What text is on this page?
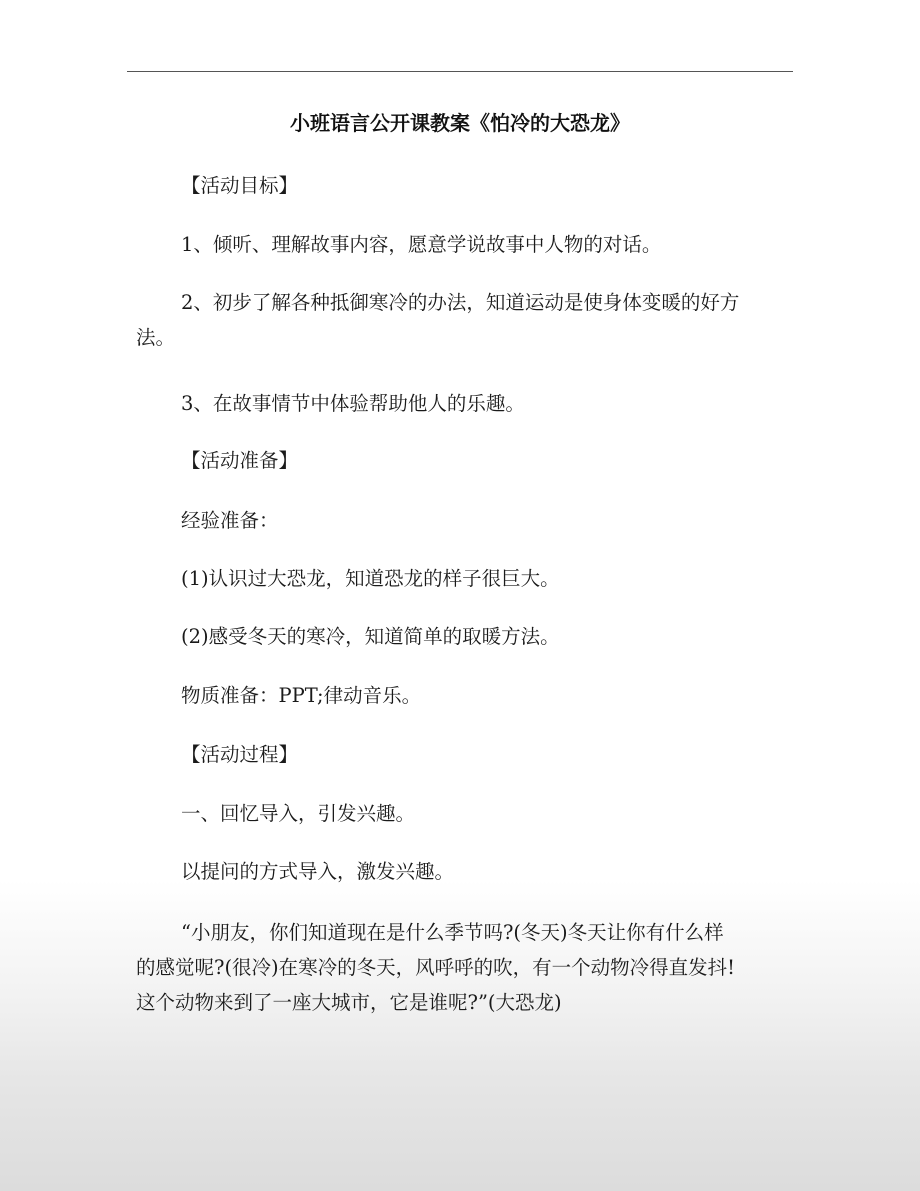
小班语言公开课教案《怕冷的大恐龙》
【活动目标】
1、倾听、理解故事内容，愿意学说故事中人物的对话。
2、初步了解各种抵御寒冷的办法，知道运动是使身体变暖的好方
法。
3、在故事情节中体验帮助他人的乐趣。
【活动准备】
经验准备：
(1)认识过大恐龙，知道恐龙的样子很巨大。
(2)感受冬天的寒冷，知道简单的取暖方法。
物质准备：PPT;律动音乐。
【活动过程】
一、回忆导入，引发兴趣。
以提问的方式导入，激发兴趣。
“小朋友，你们知道现在是什么季节吗?(冬天)冬天让你有什么样
的感觉呢?(很冷)在寒冷的冬天，风呼呼的吹，有一个动物冷得直发抖!
这个动物来到了一座大城市，它是谁呢?”(大恐龙)
